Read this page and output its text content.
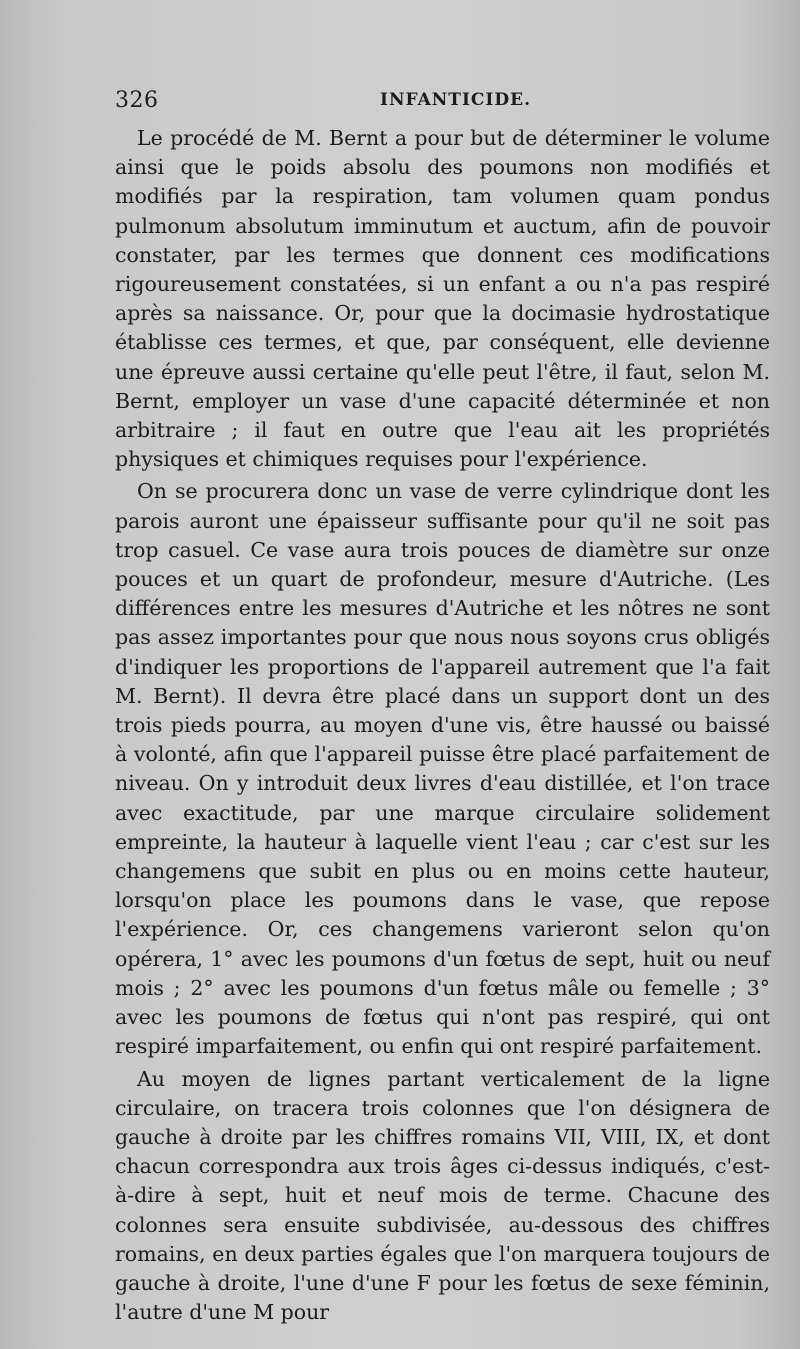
326	INFANTICIDE.

Le procédé de M. Bernt a pour but de déterminer le volume ainsi que le poids absolu des poumons non modifiés et modifiés par la respiration, tam volumen quam pondus pulmonum absolutum imminutum et auctum, afin de pouvoir constater, par les termes que donnent ces modifications rigoureusement constatées, si un enfant a ou n'a pas respiré après sa naissance. Or, pour que la docimasie hydrostatique établisse ces termes, et que, par conséquent, elle devienne une épreuve aussi certaine qu'elle peut l'être, il faut, selon M. Bernt, employer un vase d'une capacité déterminée et non arbitraire ; il faut en outre que l'eau ait les propriétés physiques et chimiques requises pour l'expérience.

On se procurera donc un vase de verre cylindrique dont les parois auront une épaisseur suffisante pour qu'il ne soit pas trop casuel. Ce vase aura trois pouces de diamètre sur onze pouces et un quart de profondeur, mesure d'Autriche. (Les différences entre les mesures d'Autriche et les nôtres ne sont pas assez importantes pour que nous nous soyons crus obligés d'indiquer les proportions de l'appareil autrement que l'a fait M. Bernt). Il devra être placé dans un support dont un des trois pieds pourra, au moyen d'une vis, être haussé ou baissé à volonté, afin que l'appareil puisse être placé parfaitement de niveau. On y introduit deux livres d'eau distillée, et l'on trace avec exactitude, par une marque circulaire solidement empreinte, la hauteur à laquelle vient l'eau ; car c'est sur les changemens que subit en plus ou en moins cette hauteur, lorsqu'on place les poumons dans le vase, que repose l'expérience. Or, ces changemens varieront selon qu'on opérera, 1° avec les poumons d'un fœtus de sept, huit ou neuf mois ; 2° avec les poumons d'un fœtus mâle ou femelle ; 3° avec les poumons de fœtus qui n'ont pas respiré, qui ont respiré imparfaitement, ou enfin qui ont respiré parfaitement.

Au moyen de lignes partant verticalement de la ligne circulaire, on tracera trois colonnes que l'on désignera de gauche à droite par les chiffres romains VII, VIII, IX, et dont chacun correspondra aux trois âges ci-dessus indiqués, c'est-à-dire à sept, huit et neuf mois de terme. Chacune des colonnes sera ensuite subdivisée, au-dessous des chiffres romains, en deux parties égales que l'on marquera toujours de gauche à droite, l'une d'une F pour les fœtus de sexe féminin, l'autre d'une M pour
